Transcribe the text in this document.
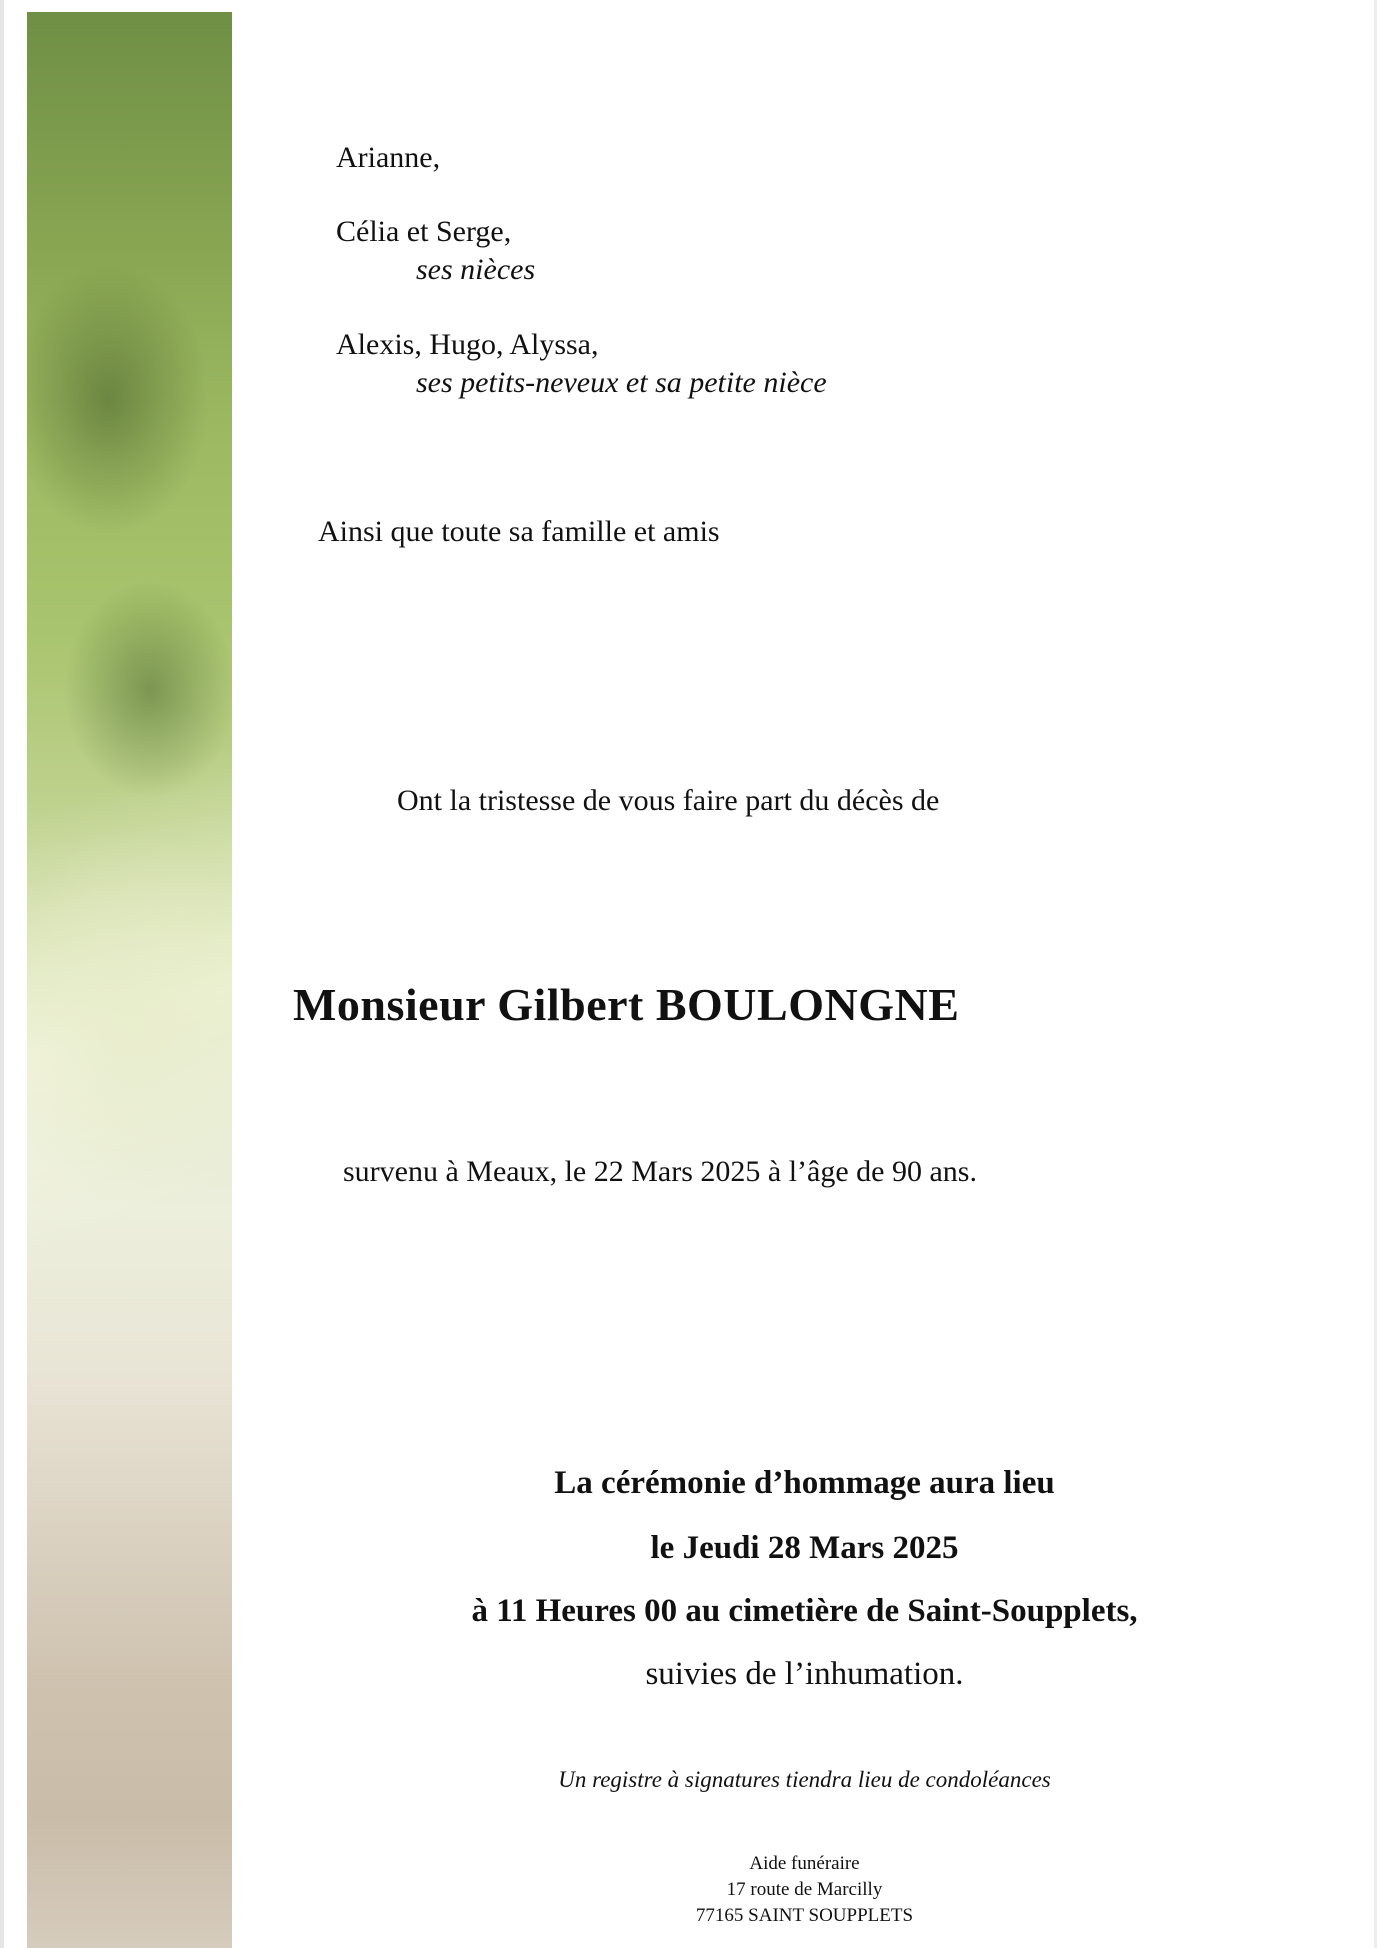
Arianne,

Célia et Serge,

ses nièces

Alexis, Hugo, Alyssa,

ses petits-neveux et sa petite nièce

Ainsi que toute sa famille et amis

Ont la tristesse de vous faire part du décès de

Monsieur Gilbert BOULONGNE

survenu à Meaux, le 22 Mars 2025 à l’âge de 90 ans.

La cérémonie d’hommage aura lieu

le Jeudi 28 Mars 2025

à 11 Heures 00 au cimetière de Saint-Soupplets,

suivies de l’inhumation.

Un registre à signatures tiendra lieu de condoléances

Aide funéraire

17 route de Marcilly

77165 SAINT SOUPPLETS
